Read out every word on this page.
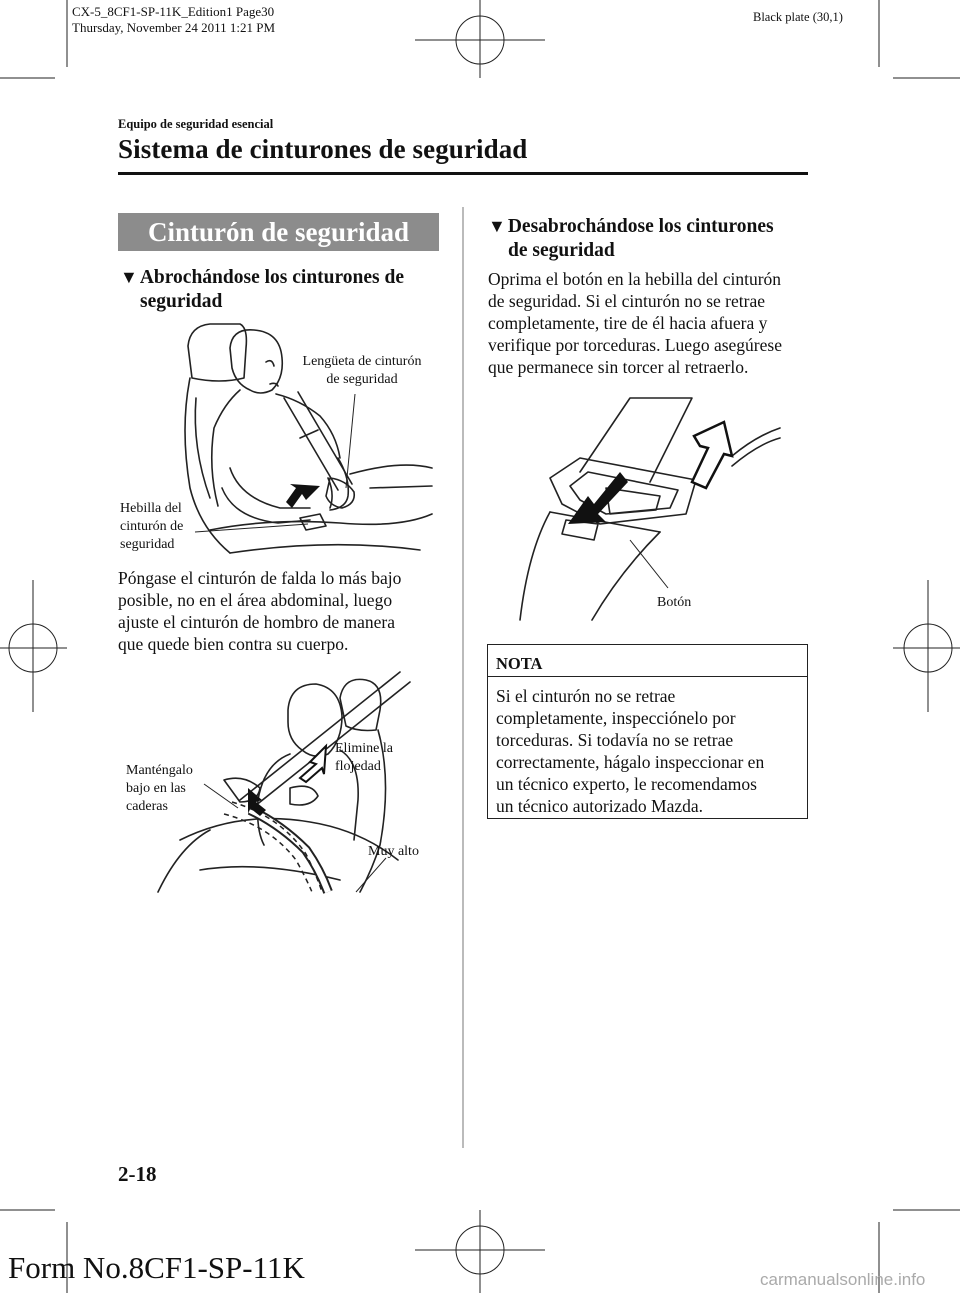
CX-5_8CF1-SP-11K_Edition1 Page30
Thursday, November 24 2011 1:21 PM
Black plate (30,1)
Equipo de seguridad esencial
Sistema de cinturones de seguridad
Cinturón de seguridad
▼ Abrochándose los cinturones de
seguridad
Lengüeta de cinturón
de seguridad
Hebilla del
cinturón de
seguridad
Póngase el cinturón de falda lo más bajo
posible, no en el área abdominal, luego
ajuste el cinturón de hombro de manera
que quede bien contra su cuerpo.
Elimine la
flojedad
Manténgalo
bajo en las
caderas
Muy alto
▼ Desabrochándose los cinturones
de seguridad
Oprima el botón en la hebilla del cinturón
de seguridad. Si el cinturón no se retrae
completamente, tire de él hacia afuera y
verifique por torceduras. Luego asegúrese
que permanece sin torcer al retraerlo.
Botón
NOTA
Si el cinturón no se retrae
completamente, inspecciónelo por
torceduras. Si todavía no se retrae
correctamente, hágalo inspeccionar en
un técnico experto, le recomendamos
un técnico autorizado Mazda.
2-18
Form No.8CF1-SP-11K	carmanualsonline.info
